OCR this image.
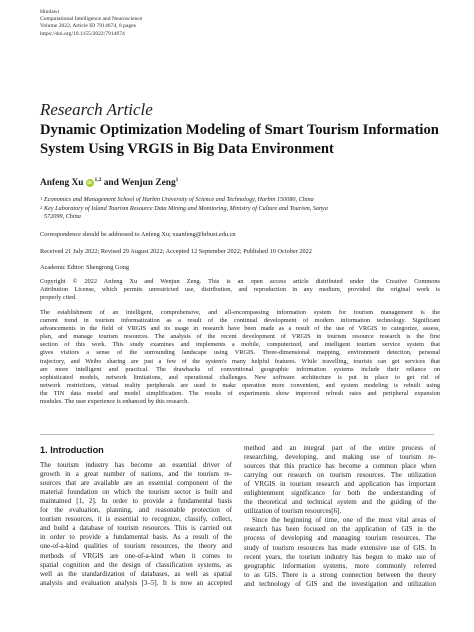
Hindawi
Computational Intelligence and Neuroscience
Volume 2022, Article ID 7914674, 8 pages
https://doi.org/10.1155/2022/7914674
Research Article
Dynamic Optimization Modeling of Smart Tourism Information
System Using VRGIS in Big Data Environment
Anfeng Xu iD $^{1,2}$ and Wenjun Zeng$^1$
1 Economics and Management School of Harbin University of Science and Technology, Harbin 150080, China
2 Key Laboratory of Island Tourism Resource Data Mining and Monitoring, Ministry of Culture and Tourism, Sanya
572099, China
Correspondence should be addressed to Anfeng Xu; xuanfeng@hrbust.edu.cn
Received 21 July 2022; Revised 29 August 2022; Accepted 12 September 2022; Published 10 October 2022
Academic Editor: Shengrong Gong
Copyright © 2022 Anfeng Xu and Wenjun Zeng. This is an open access article distributed under the Creative Commons
Attribution License, which permits unrestricted use, distribution, and reproduction in any medium, provided the original work is
properly cited.

The establishment of an intelligent, comprehensive, and all-encompassing information system for tourism management is the

current trend in tourism informatization as a result of the continual development of modern information technology. Significant

advancements in the field of VRGIS and its usage in research have been made as a result of the use of VRGIS to categorize, assess,

plan, and manage tourism resources. The analysis of the recent development of VRGIS in tourism resource research is the first

section of this work. This study examines and implements a mobile, computerized, and intelligent tourism service system that

gives visitors a sense of the surrounding landscape using VRGIS. Three-dimensional mapping, environment detection, personal

trajectory, and Weibo sharing are just a few of the system's many helpful features. While travelling, tourists can get services that

are more intelligent and practical. The drawbacks of conventional geographic information systems include their reliance on

sophisticated models, network limitations, and operational challenges. New software architecture is put in place to get rid of

network restrictions, virtual reality peripherals are used to make operation more convenient, and system modeling is rebuilt using

the TIN data model and model simplification. The results of experiments show improved refresh rates and peripheral expansion

modules. The user experience is enhanced by this research.

1. Introduction
The tourism industry has become an essential driver of
growth in a great number of nations, and the tourism re-
sources that are available are an essential component of the
material foundation on which the tourism sector is built and
maintained [1, 2]. In order to provide a fundamental basis
for the evaluation, planning, and reasonable protection of
tourism resources, it is essential to recognize, classify, collect,
and build a database of tourism resources. This is carried out
in order to provide a fundamental basis. As a result of the
one-of-a-kind qualities of tourism resources, the theory and
methods of VRGIS are one-of-a-kind when it comes to
spatial cognition and the design of classification systems, as
well as the standardization of databases, as well as spatial
analysis and evaluation analysis [3–5]. It is now an accepted
method and an integral part of the entire process of
researching, developing, and making use of tourism re-
sources that this practice has become a common place when
carrying out research on tourism resources. The utilization
of VRGIS in tourism research and application has important
enlightenment significance for both the understanding of
the theoretical and technical system and the guiding of the
utilization of tourism resources[6].
Since the beginning of time, one of the most vital areas of
research has been focused on the application of GIS in the
process of developing and managing tourism resources. The
study of tourism resources has made extensive use of GIS. In
recent years, the tourism industry has begun to make use of
geographic information systems, more commonly referred
to as GIS. There is a strong connection between the theory
and technology of GIS and the investigation and utilization
